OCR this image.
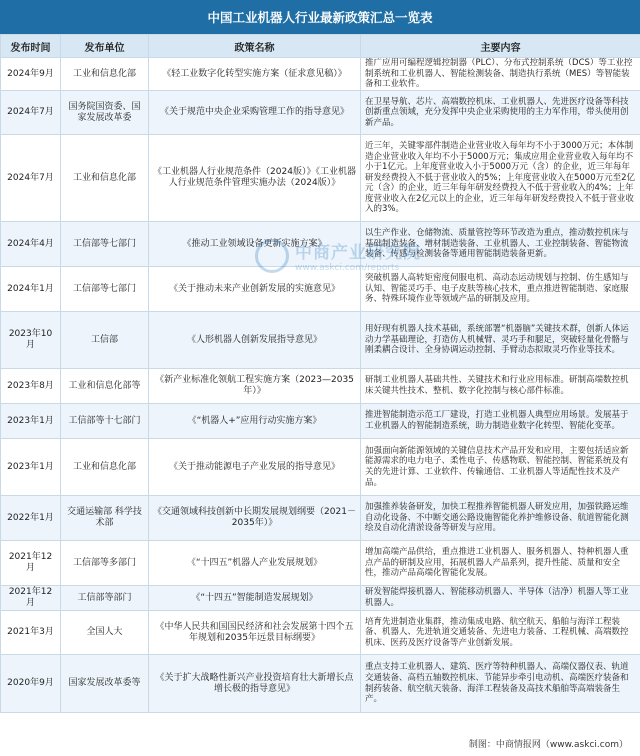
中国工业机器人行业最新政策汇总一览表
发布时间	发布单位	政策名称	主要内容
2024年9月	工业和信息化部	《轻工业数字化转型实施方案（征求意见稿）》	推广应用可编程逻辑控制器（PLC）、分布式控制系统（DCS）等工业控制系统和工业机器人、智能检测装备、制造执行系统（MES）等智能装备和工业软件。
2024年7月	国务院国资委、国家发展改革委	《关于规范中央企业采购管理工作的指导意见》	在卫星导航、芯片、高端数控机床、工业机器人、先进医疗设备等科技创新重点领域，充分发挥中央企业采购使用的主力军作用，带头使用创新产品。
2024年7月	工业和信息化部	《工业机器人行业规范条件（2024版）》《工业机器人行业规范条件管理实施办法（2024版）》	近三年，关键零部件制造企业营业收入每年均不小于3000万元；本体制造企业营业收入年均不小于5000万元；集成应用企业营业收入每年均不小于1亿元。上年度营业收入小于5000万元（含）的企业，近三年每年研发经费投入不低于营业收入的5%；上年度营业收入在5000万元至2亿元（含）的企业，近三年每年研发经费投入不低于营业收入的4%；上年度营业收入在2亿元以上的企业，近三年每年研发经费投入不低于营业收入的3%。
2024年4月	工信部等七部门	《推动工业领域设备更新实施方案》	以生产作业、仓储物流、质量管控等环节改造为重点，推动数控机床与基础制造装备、增材制造装备、工业机器人、工业控制装备、智能物流装备、传感与检测装备等通用智能制造装备更新。
2024年1月	工信部等七部门	《关于推动未来产业创新发展的实施意见》	突破机器人高转矩密度伺服电机、高动态运动规划与控制、仿生感知与认知、智能灵巧手、电子皮肤等核心技术，重点推进智能制造、家庭服务、特殊环境作业等领域产品的研制及应用。
2023年10月	工信部	《人形机器人创新发展指导意见》	用好现有机器人技术基础，系统部署“机器脑”关键技术群，创新人体运动力学基础理论，打造仿人机械臂、灵巧手和腿足，突破轻量化骨骼与刚柔耦合设计、全身协调运动控制、手臂动态拟取灵巧作业等技术。
2023年8月	工业和信息化部等	《新产业标准化领航工程实施方案（2023—2035年）》	研制工业机器人基础共性、关键技术和行业应用标准。研制高端数控机床关键共性技术、整机、数字化控制与核心部件标准。
2023年1月	工信部等十七部门	《“机器人+”应用行动实施方案》	推进智能制造示范工厂建设，打造工业机器人典型应用场景。发展基于工业机器人的智能制造系统，助力制造业数字化转型、智能化变革。
2023年1月	工业和信息化部	《关于推动能源电子产业发展的指导意见》	加强面向新能源领域的关键信息技术产品开发和应用，主要包括适应新能源需求的电力电子、柔性电子、传感物联、智能控制、智能系统及有关的先进计算、工业软件、传输通信、工业机器人等适配性技术及产品。
2022年1月	交通运输部 科学技术部	《交通领域科技创新中长期发展规划纲要（2021－2035年）》	加强推养装备研发，加快工程推养智能机器人研发应用，加强铁路运维自动化设备、不中断交通公路设施智能化养护维修设备、航道智能化测绘及自动化清淤设备等研发与应用。
2021年12月	工信部等多部门	《“十四五”机器人产业发展规划》	增加高端产品供给，重点推进工业机器人、服务机器人、特种机器人重点产品的研制及应用，拓展机器人产品系列，提升性能、质量和安全性，推动产品高端化智能化发展。
2021年12月	工信部等部门	《“十四五”智能制造发展规划》	研发智能焊接机器人、智能移动机器人、半导体（洁净）机器人等工业机器人。
2021年3月	全国人大	《中华人民共和国国民经济和社会发展第十四个五年规划和2035年远景目标纲要》	培育先进制造业集群，推动集成电路、航空航天、船舶与海洋工程装备、机器人、先进轨道交通装备、先进电力装备、工程机械、高端数控机床、医药及医疗设备等产业创新发展。
2020年9月	国家发展改革委等	《关于扩大战略性新兴产业投资培育壮大新增长点增长极的指导意见》	重点支持工业机器人、建筑、医疗等特种机器人、高端仪器仪表、轨道交通装备、高档五轴数控机床、节能异步牵引电动机、高端医疗装备和制药装备、航空航天装备、海洋工程装备及高技术船舶等高端装备生产。
中商产业研究院
www.askci.com/reports
制图：中商情报网（www.askci.com）
